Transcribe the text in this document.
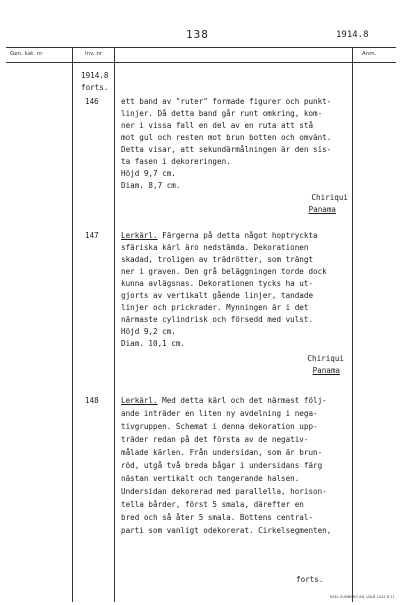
138	1914.8
Gen. kat. nr	Inv. nr	Anm.
1914.8
forts.
146	ett band av "ruter" formade figurer och punkt-
linjer. Då detta band går runt omkring, kom-
ner i vissa fall en del av en ruta att stå
mot gul och resten mot brun botten och omvänt.
Detta visar, att sekundärmålningen är den sis-
ta fasen i dekoreringen.
Höjd 9,7 cm.
Diam. 8,7 cm.
Chiriqui
Panama
147	Lerkärl. Färgerna på detta något hoptryckta
sfäriska kärl äro nedstämda. Dekorationen
skadad, troligen av trädrötter, som trängt
ner i graven. Den grå beläggningen torde dock
kunna avlägsnas. Dekorationen tycks ha ut-
gjorts av vertikalt gående linjer, tandade
linjer och prickrader. Mynningen är i det
närmaste cylindrisk och försedd med vulst.
Höjd 9,2 cm.
Diam. 10,1 cm.
Chiriqui
Panama
148	Lerkärl. Med detta kärl och det närmast följ-
ande inträder en liten ny avdelning i nega-
tivgruppen. Schemat i denna dekoration upp-
träder redan på det första av de negativ-
målade kärlen. Från undersidan, som är brun-
röd, utgå två breda bågar i undersidans färg
nästan vertikalt och tangerande halsen.
Undersidan dekorerad med parallella, horison-
tella bårder, först 5 smala, därefter en
bred och så åter 5 smala. Bottens central-
parti som vanligt odekorerat. Cirkelsegmenten,
forts.
EKEL SUNNERG AB, VÄLÅ 2442 8.71
